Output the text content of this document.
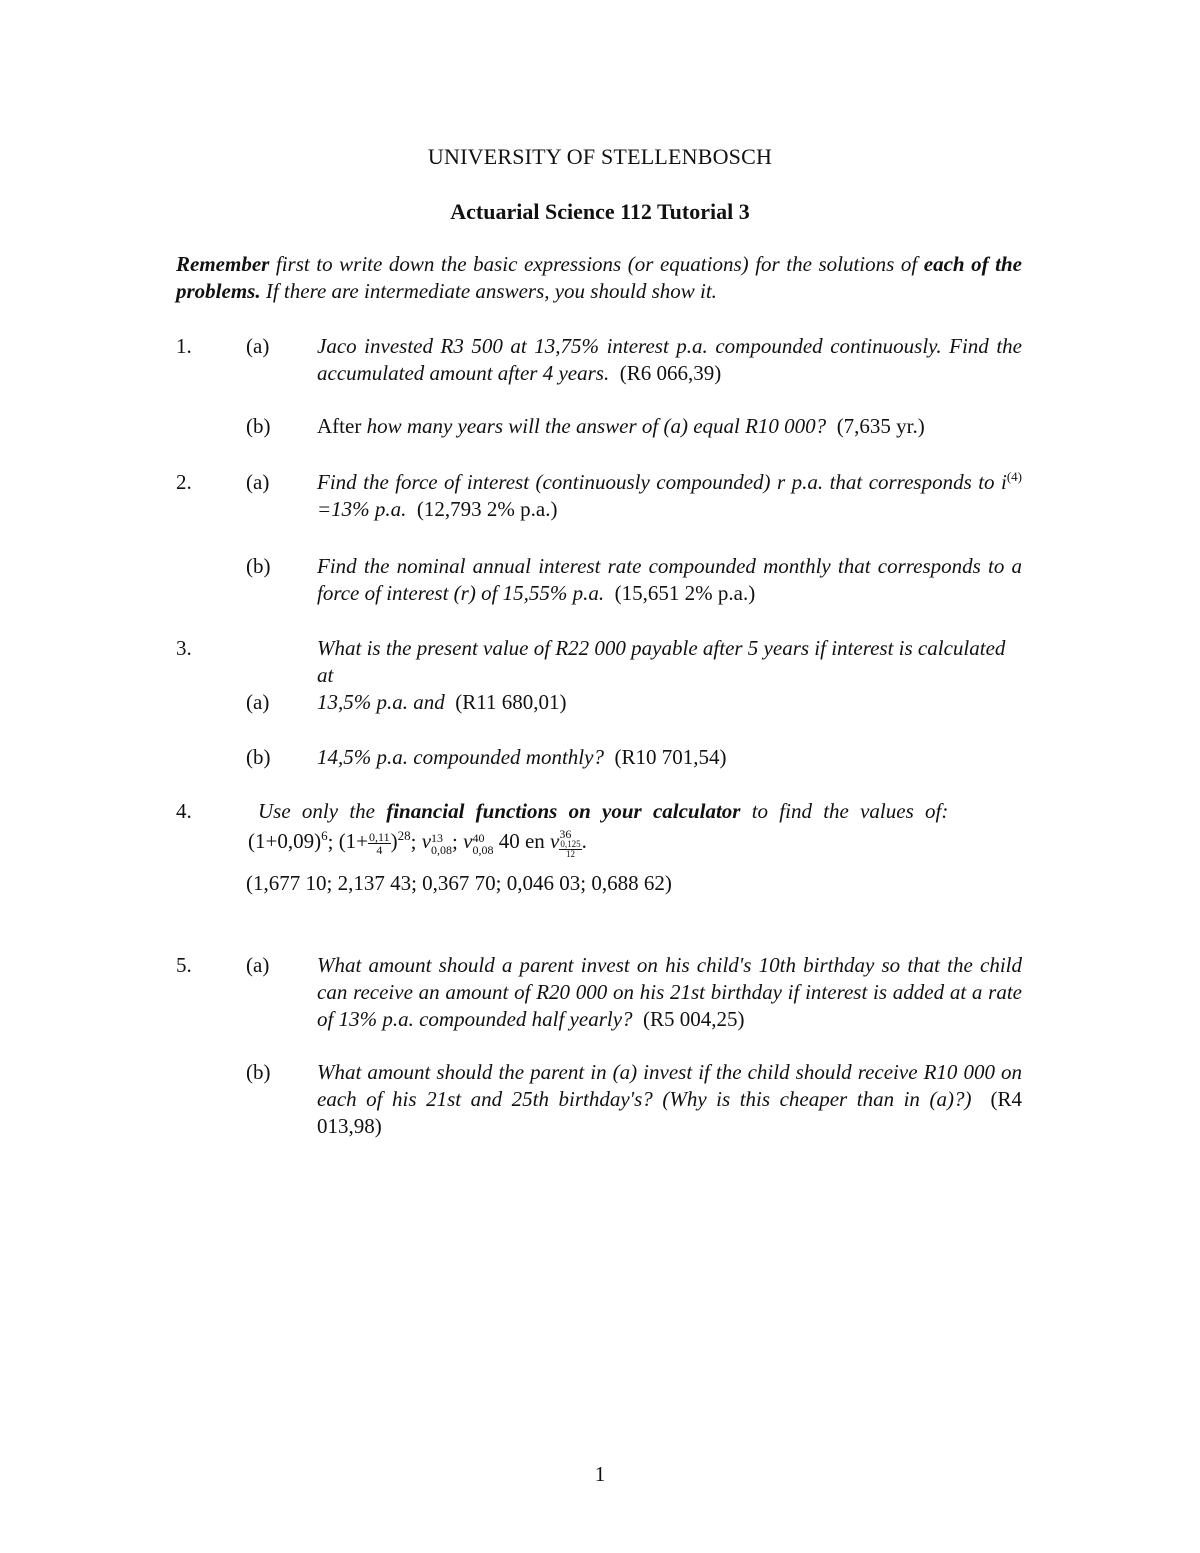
UNIVERSITY OF STELLENBOSCH
Actuarial Science 112 Tutorial 3
Remember first to write down the basic expressions (or equations) for the solutions of each of the problems. If there are intermediate answers, you should show it.
1.	(a) Jaco invested R3 500 at 13,75% interest p.a. compounded continuously. Find the accumulated amount after 4 years. (R6 066,39)
(b) After how many years will the answer of (a) equal R10 000? (7,635 yr.)
2.	(a) Find the force of interest (continuously compounded) r p.a. that corresponds to $i^{(4)} =13\%$ p.a. (12,793 2% p.a.)
(b) Find the nominal annual interest rate compounded monthly that corresponds to a force of interest (r) of 15,55% p.a. (15,651 2% p.a.)
3.	What is the present value of R22 000 payable after 5 years if interest is calculated at
(a) 13,5% p.a. and (R11 680,01)
(b) 14,5% p.a. compounded monthly? (R10 701,54)
4.	Use only the financial functions on your calculator to find the values of:
$(1+0,09)^6$; $(1+ \frac{0,11}{4} )^{28}$; v 13
0,08 ; v 40
0,08 40 en v 36
0,125
12
.
(1,677 10; 2,137 43; 0,367 70; 0,046 03; 0,688 62)
5.	(a) What amount should a parent invest on his child's 10th birthday so that the child can receive an amount of R20 000 on his 21st birthday if interest is added at a rate of 13% p.a. compounded half yearly? (R5 004,25)
(b) What amount should the parent in (a) invest if the child should receive R10 000 on each of his 21st and 25th birthday's? (Why is this cheaper than in (a)?) (R4 013,98)
1
